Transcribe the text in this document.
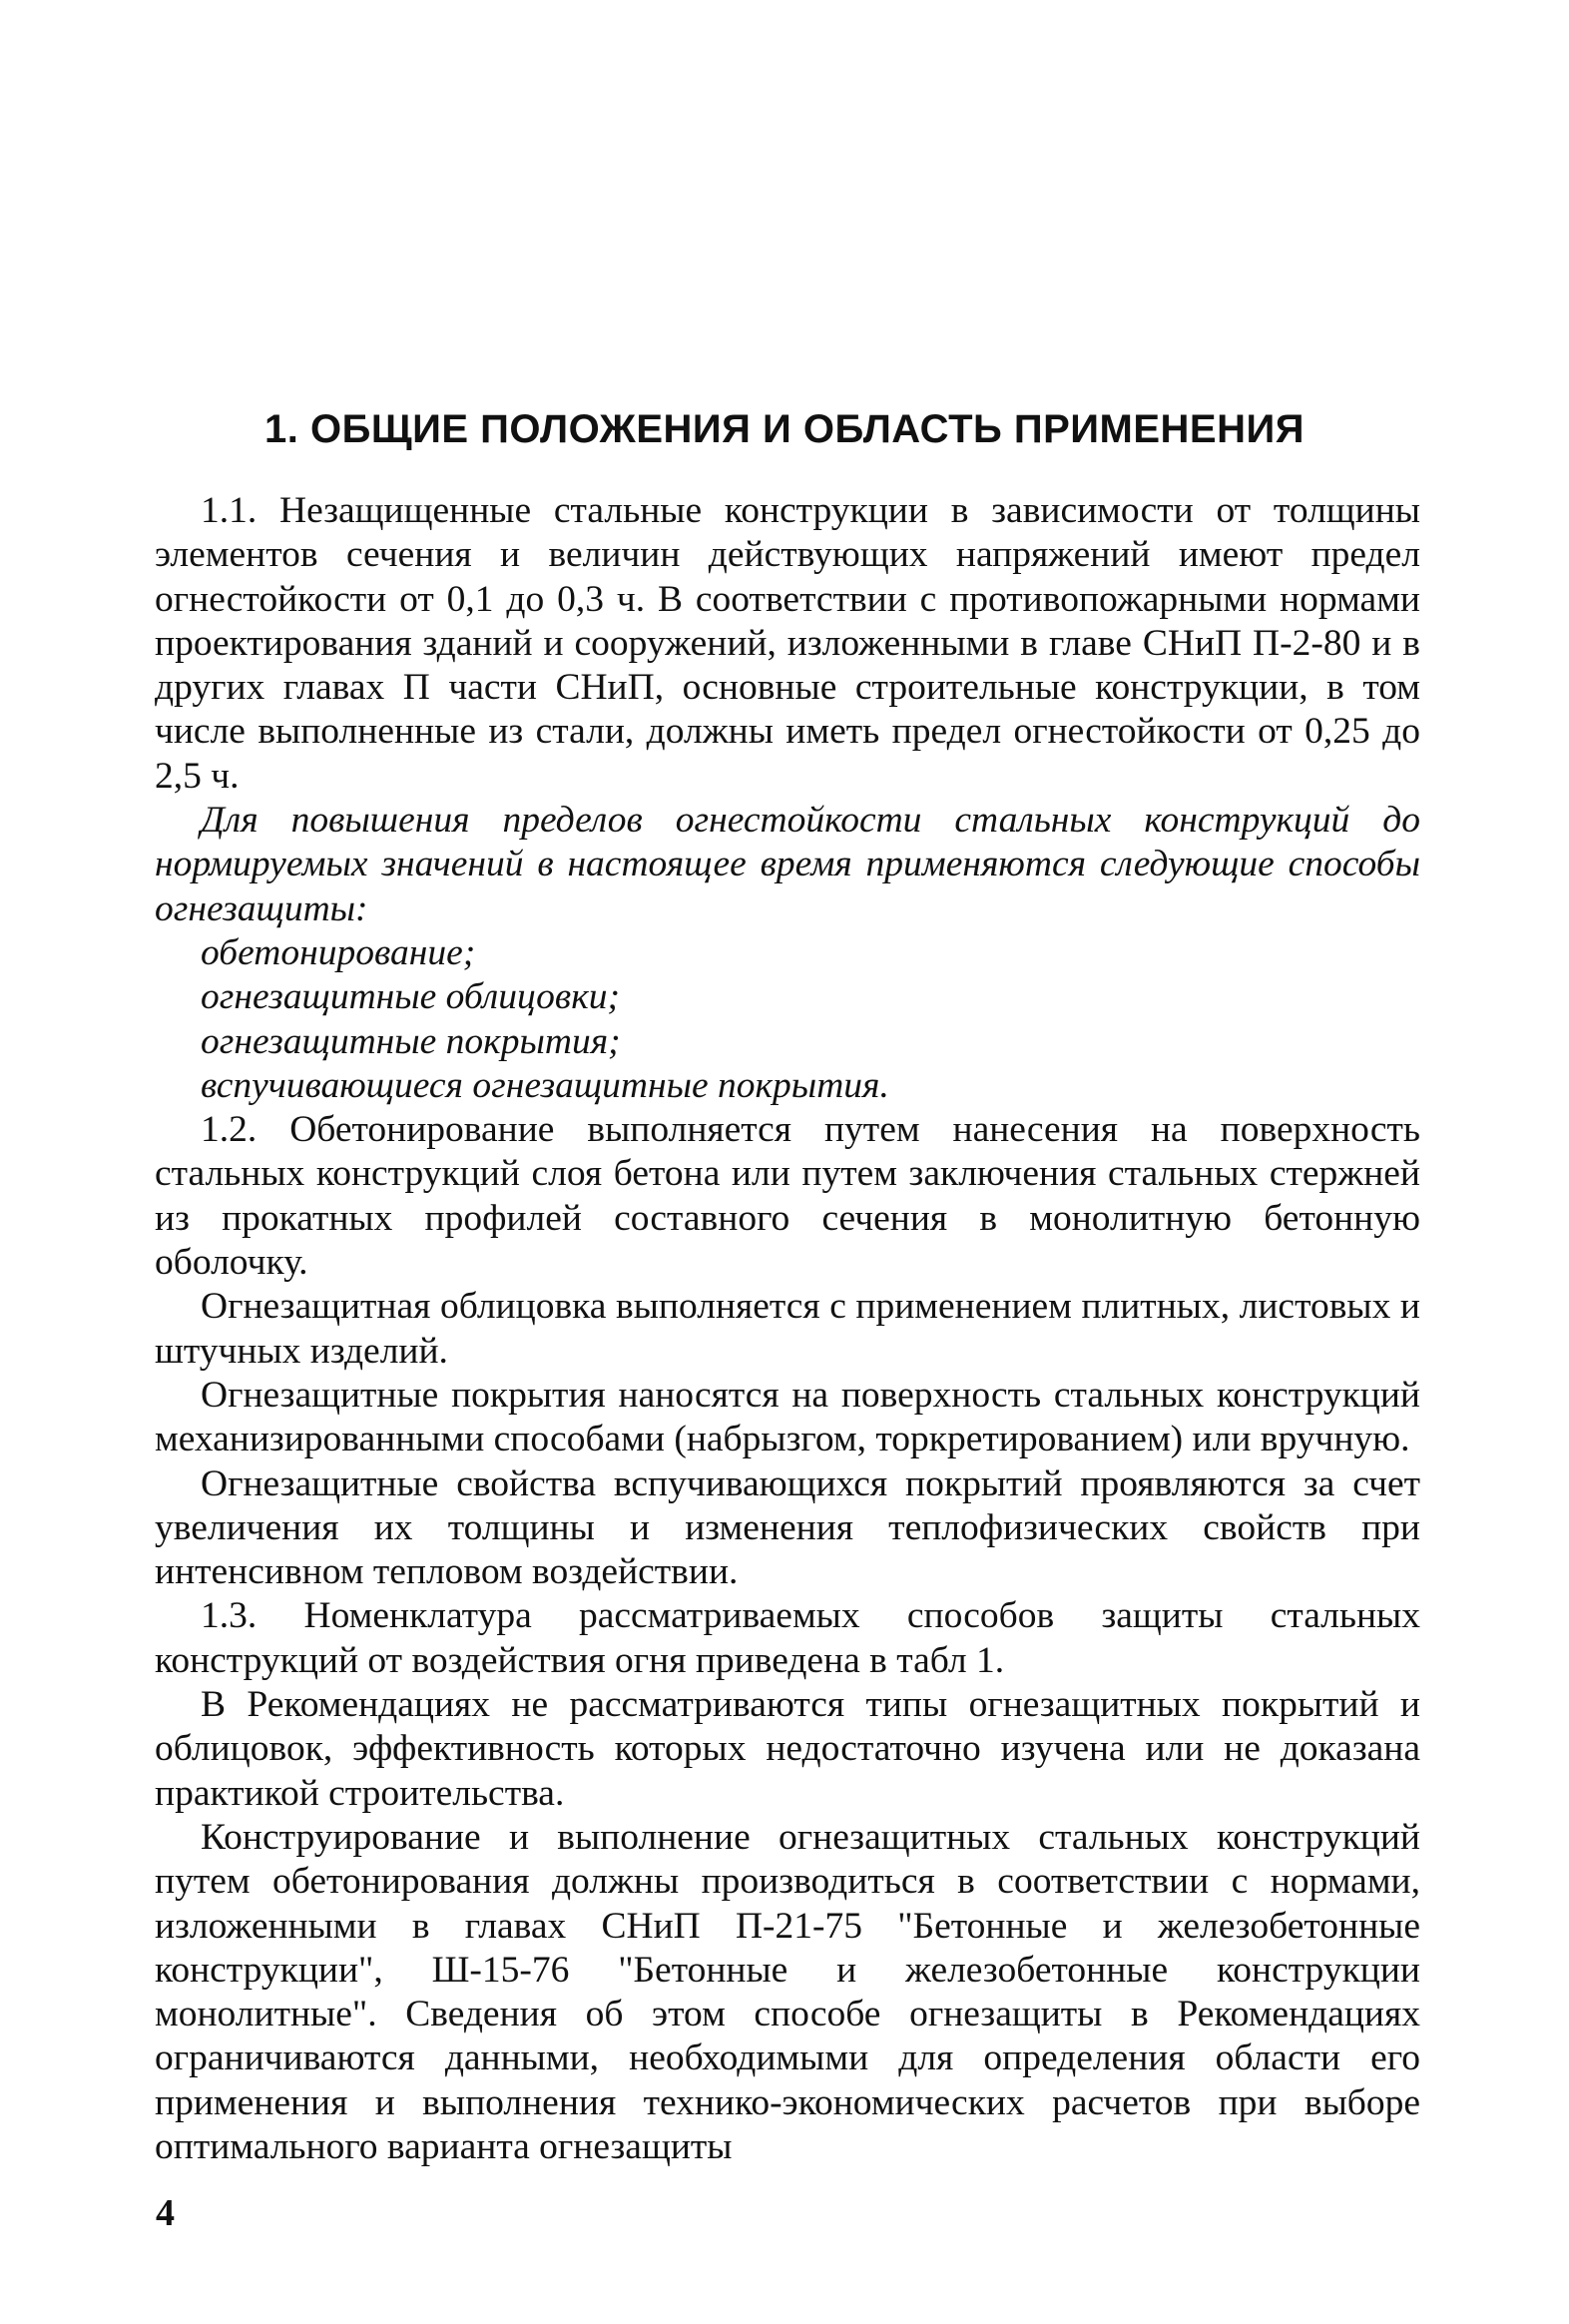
1. ОБЩИЕ ПОЛОЖЕНИЯ И ОБЛАСТЬ ПРИМЕНЕНИЯ

1.1. Незащищенные стальные конструкции в зависимости от толщины элементов сечения и величин действующих напряжений имеют предел огнестойкости от 0,1 до 0,3 ч. В соответствии с противопожарными нормами проектирования зданий и сооружений, изложенными в главе СНиП П-2-80 и в других главах П части СНиП, основные строительные конструкции, в том числе выполненные из стали, должны иметь предел огнестойкости от 0,25 до 2,5 ч.

Для повышения пределов огнестойкости стальных конструкций до нормируемых значений в настоящее время применяются следующие способы огнезащиты:

обетонирование;

огнезащитные облицовки;

огнезащитные покрытия;

вспучивающиеся огнезащитные покрытия.

1.2. Обетонирование выполняется путем нанесения на поверхность стальных конструкций слоя бетона или путем заключения стальных стержней из прокатных профилей составного сечения в монолитную бетонную оболочку.

Огнезащитная облицовка выполняется с применением плитных, листовых и штучных изделий.

Огнезащитные покрытия наносятся на поверхность стальных конструкций механизированными способами (набрызгом, торкретированием) или вручную.

Огнезащитные свойства вспучивающихся покрытий проявляются за счет увеличения их толщины и изменения теплофизических свойств при интенсивном тепловом воздействии.

1.3. Номенклатура рассматриваемых способов защиты стальных конструкций от воздействия огня приведена в табл 1.

В Рекомендациях не рассматриваются типы огнезащитных покрытий и облицовок, эффективность которых недостаточно изучена или не доказана практикой строительства.

Конструирование и выполнение огнезащитных стальных конструкций путем обетонирования должны производиться в соответствии с нормами, изложенными в главах СНиП П-21-75 "Бетонные и железобетонные конструкции", Ш-15-76 "Бетонные и железобетонные конструкции монолитные". Сведения об этом способе огнезащиты в Рекомендациях ограничиваются данными, необходимыми для определения области его применения и выполнения технико-экономических расчетов при выборе оптимального варианта огнезащиты

4
